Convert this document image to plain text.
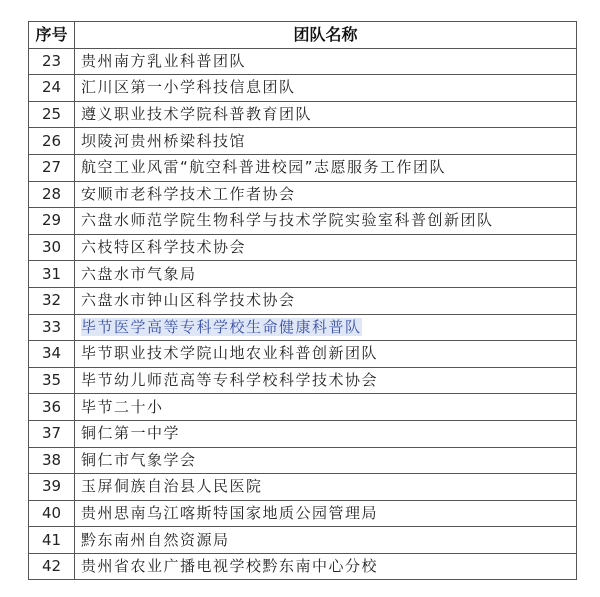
序号	团队名称
23	贵州南方乳业科普团队
24	汇川区第一小学科技信息团队
25	遵义职业技术学院科普教育团队
26	坝陵河贵州桥梁科技馆
27	航空工业风雷“航空科普进校园”志愿服务工作团队
28	安顺市老科学技术工作者协会
29	六盘水师范学院生物科学与技术学院实验室科普创新团队
30	六枝特区科学技术协会
31	六盘水市气象局
32	六盘水市钟山区科学技术协会
33	毕节医学高等专科学校生命健康科普队
34	毕节职业技术学院山地农业科普创新团队
35	毕节幼儿师范高等专科学校科学技术协会
36	毕节二十小
37	铜仁第一中学
38	铜仁市气象学会
39	玉屏侗族自治县人民医院
40	贵州思南乌江喀斯特国家地质公园管理局
41	黔东南州自然资源局
42	贵州省农业广播电视学校黔东南中心分校
